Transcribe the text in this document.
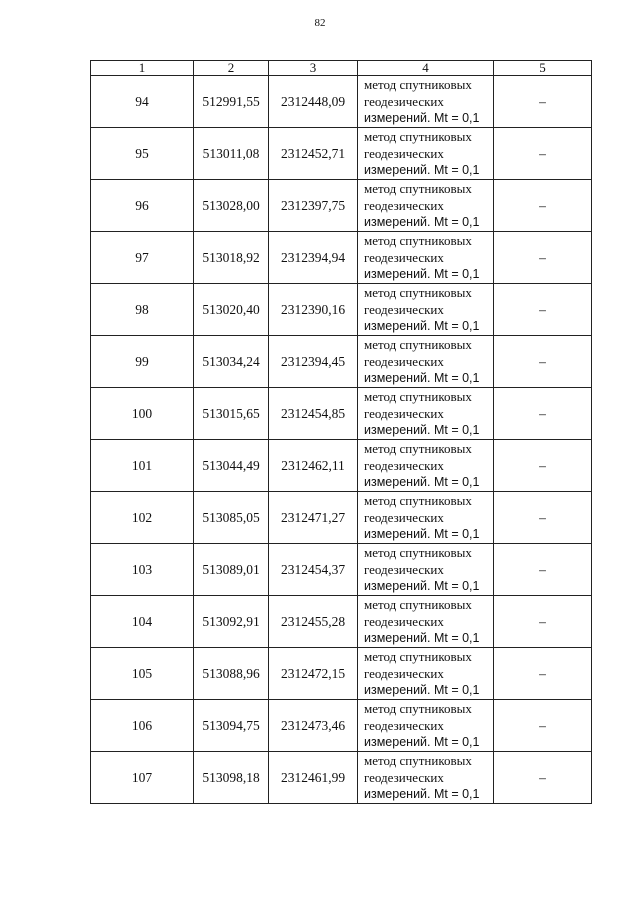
82
1	2	3	4	5
94	512991,55	2312448,09	метод спутниковых
геодезических
измерений. Mt = 0,1	–
95	513011,08	2312452,71	метод спутниковых
геодезических
измерений. Mt = 0,1	–
96	513028,00	2312397,75	метод спутниковых
геодезических
измерений. Mt = 0,1	–
97	513018,92	2312394,94	метод спутниковых
геодезических
измерений. Mt = 0,1	–
98	513020,40	2312390,16	метод спутниковых
геодезических
измерений. Mt = 0,1	–
99	513034,24	2312394,45	метод спутниковых
геодезических
измерений. Mt = 0,1	–
100	513015,65	2312454,85	метод спутниковых
геодезических
измерений. Mt = 0,1	–
101	513044,49	2312462,11	метод спутниковых
геодезических
измерений. Mt = 0,1	–
102	513085,05	2312471,27	метод спутниковых
геодезических
измерений. Mt = 0,1	–
103	513089,01	2312454,37	метод спутниковых
геодезических
измерений. Mt = 0,1	–
104	513092,91	2312455,28	метод спутниковых
геодезических
измерений. Mt = 0,1	–
105	513088,96	2312472,15	метод спутниковых
геодезических
измерений. Mt = 0,1	–
106	513094,75	2312473,46	метод спутниковых
геодезических
измерений. Mt = 0,1	–
107	513098,18	2312461,99	метод спутниковых
геодезических
измерений. Mt = 0,1	–
